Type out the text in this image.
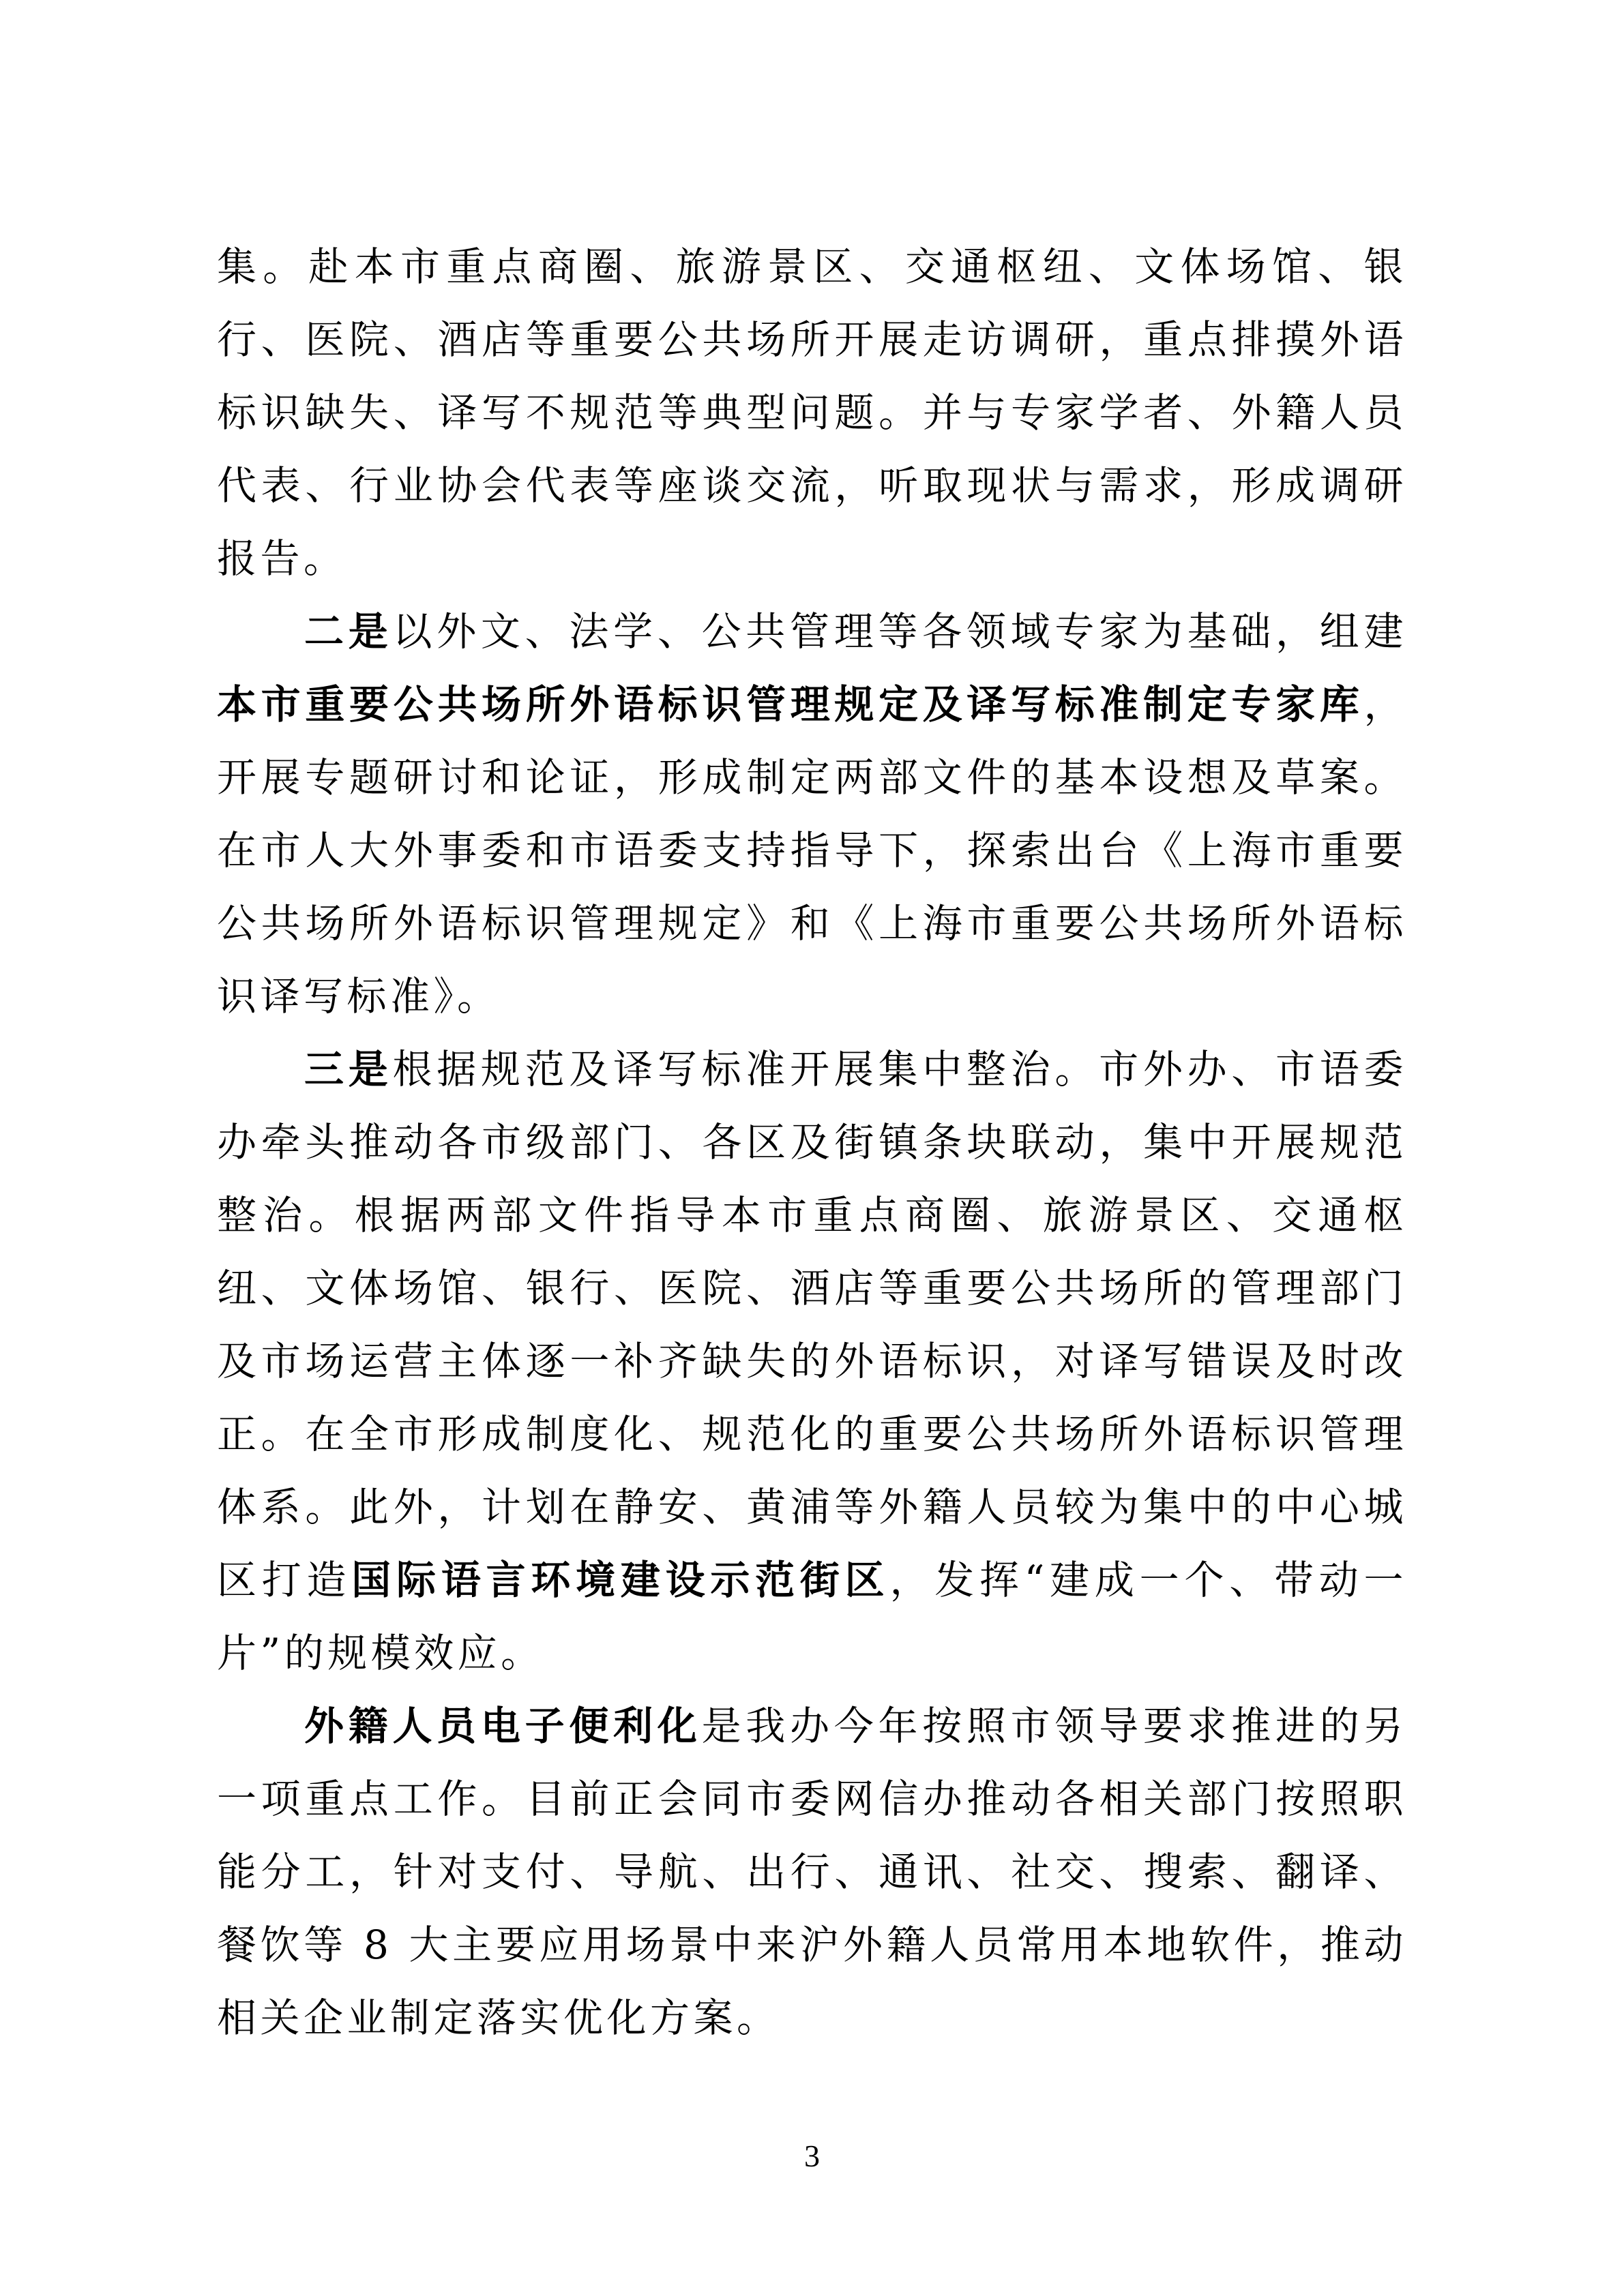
集。赴本市重点商圈、旅游景区、交通枢纽、文体场馆、银行、医院、酒店等重要公共场所开展走访调研，重点排摸外语标识缺失、译写不规范等典型问题。并与专家学者、外籍人员代表、行业协会代表等座谈交流，听取现状与需求，形成调研报告。

二是以外文、法学、公共管理等各领域专家为基础，组建本市重要公共场所外语标识管理规定及译写标准制定专家库，开展专题研讨和论证，形成制定两部文件的基本设想及草案。在市人大外事委和市语委支持指导下，探索出台《上海市重要公共场所外语标识管理规定》和《上海市重要公共场所外语标识译写标准》。

三是根据规范及译写标准开展集中整治。市外办、市语委办牵头推动各市级部门、各区及街镇条块联动，集中开展规范整治。根据两部文件指导本市重点商圈、旅游景区、交通枢纽、文体场馆、银行、医院、酒店等重要公共场所的管理部门及市场运营主体逐一补齐缺失的外语标识，对译写错误及时改正。在全市形成制度化、规范化的重要公共场所外语标识管理体系。此外，计划在静安、黄浦等外籍人员较为集中的中心城区打造国际语言环境建设示范街区，发挥“建成一个、带动一片”的规模效应。

外籍人员电子便利化是我办今年按照市领导要求推进的另一项重点工作。目前正会同市委网信办推动各相关部门按照职能分工，针对支付、导航、出行、通讯、社交、搜索、翻译、餐饮等 8 大主要应用场景中来沪外籍人员常用本地软件，推动相关企业制定落实优化方案。

3
